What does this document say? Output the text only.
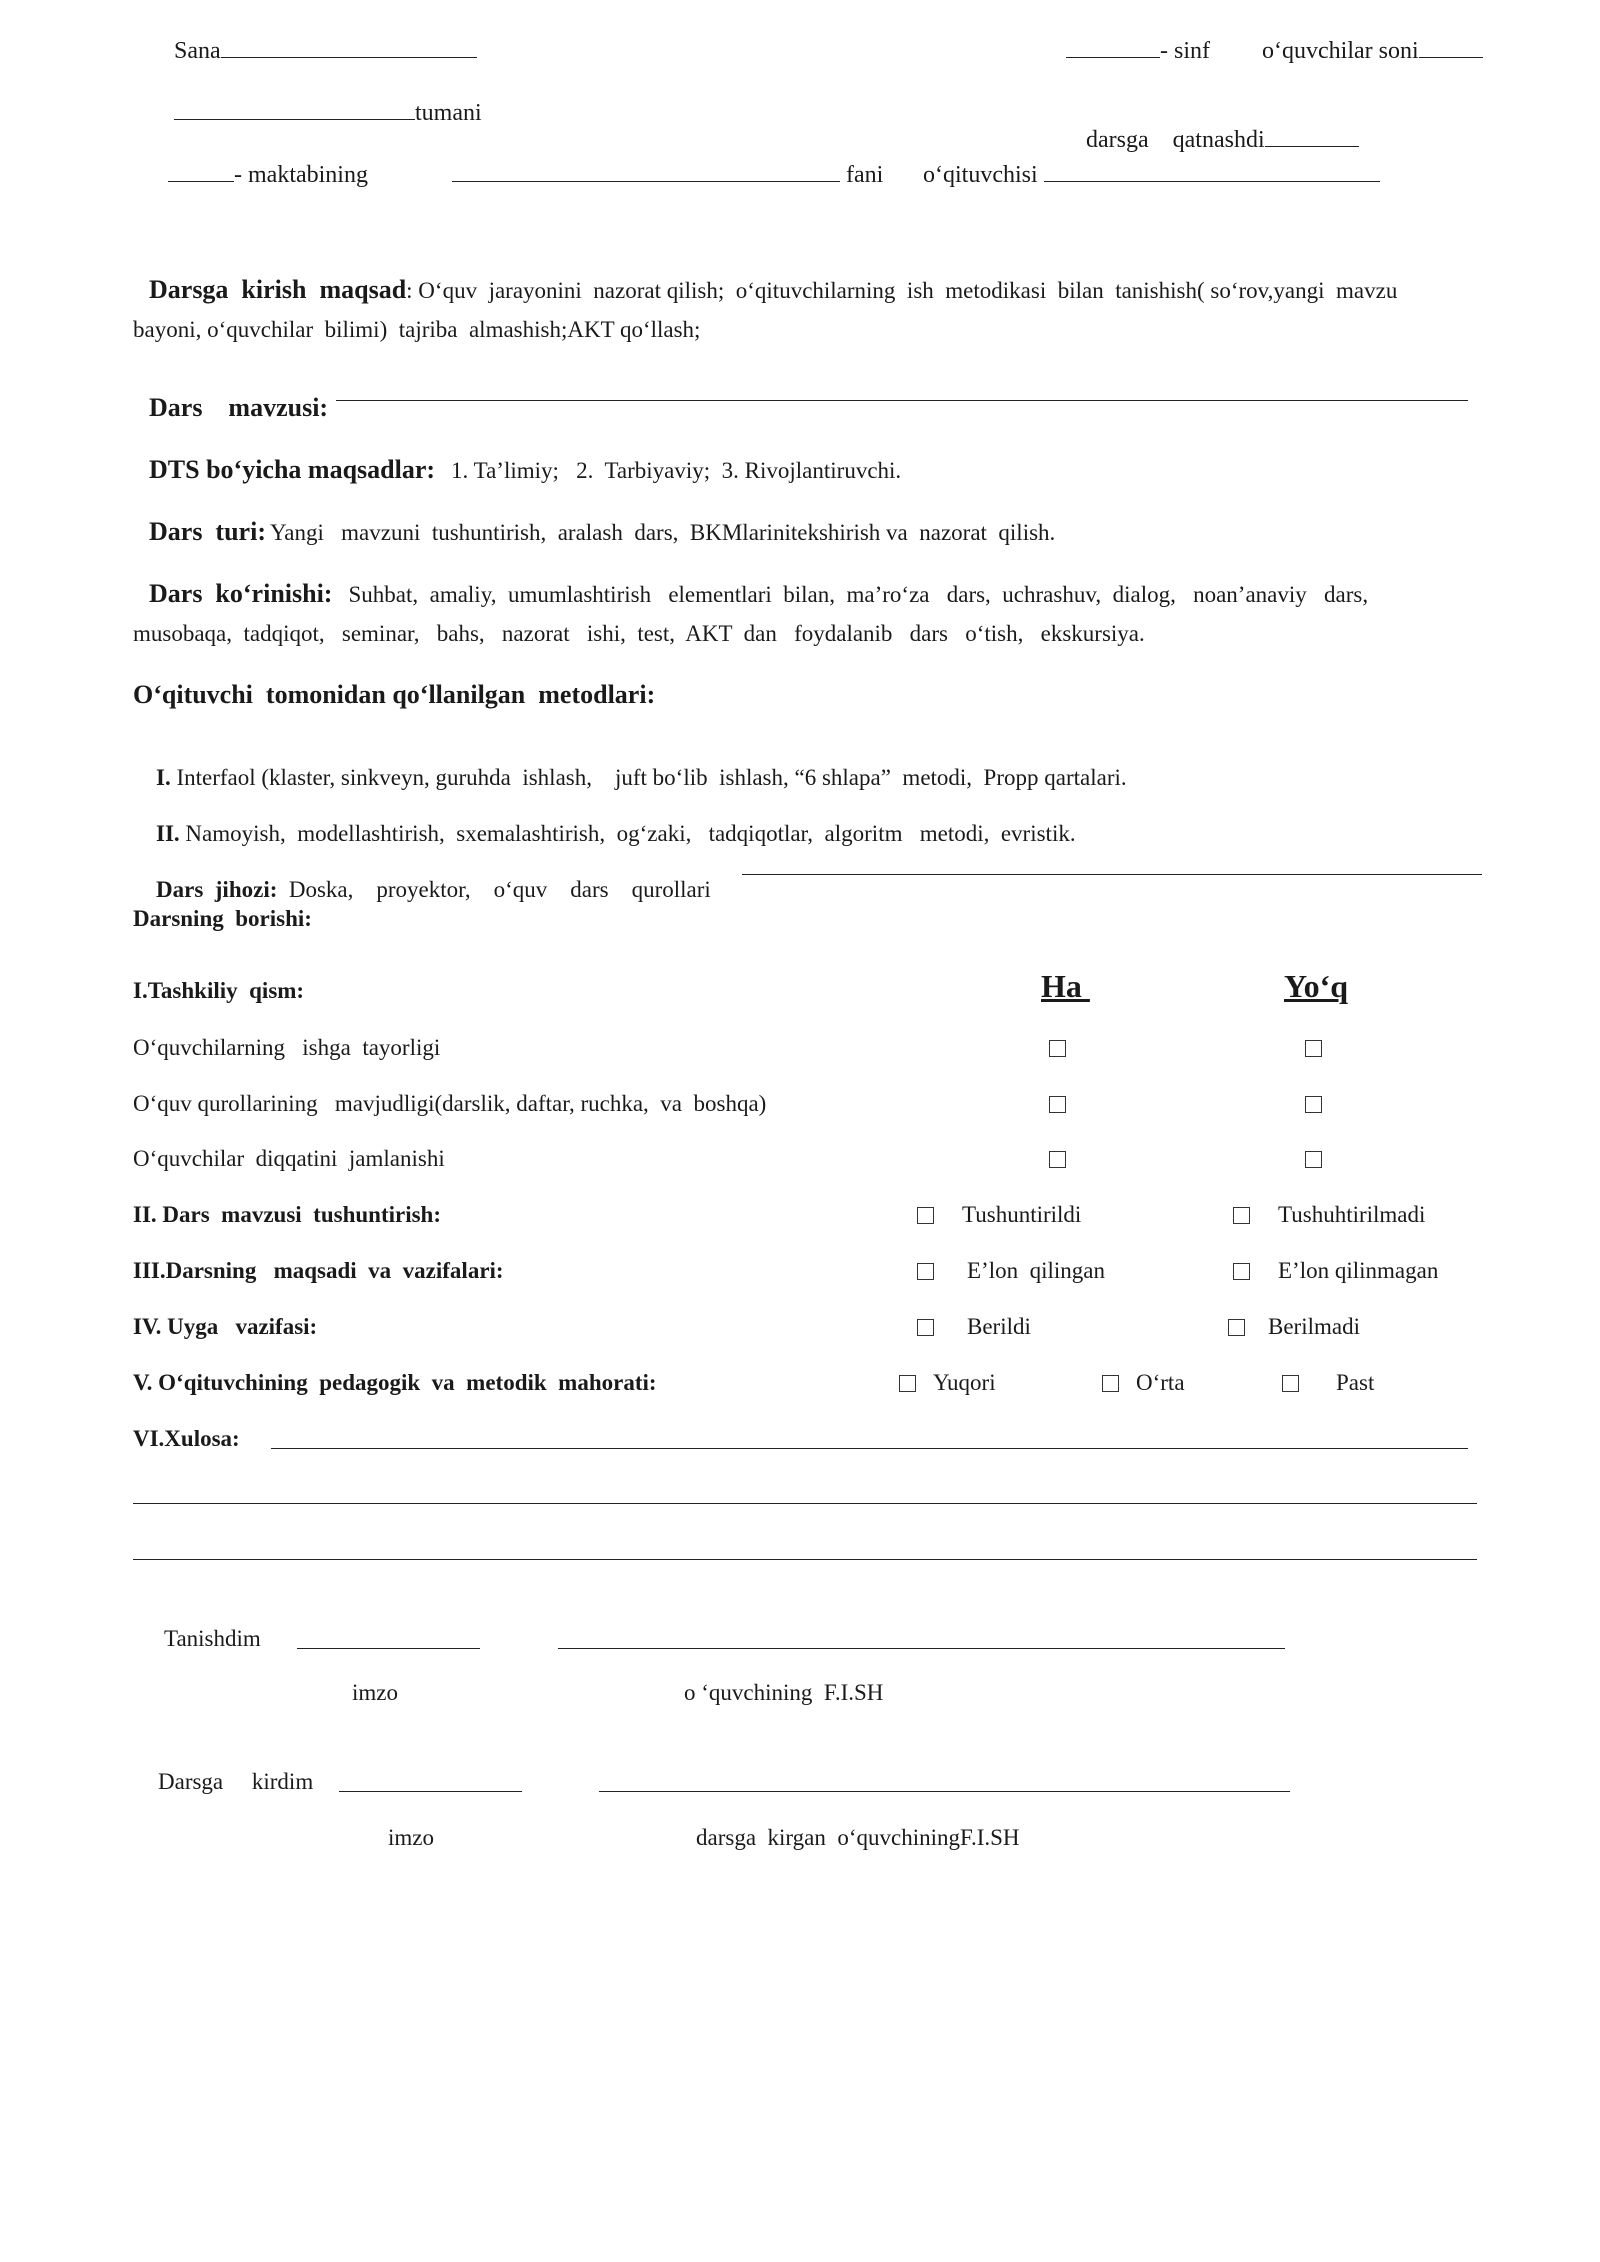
Sana	- sinf o‘quvchilar soni
tumani

darsga    qatnashdi

- maktabining	fani o‘qituvchisi

Darsga  kirish  maqsad: O‘quv  jarayonini  nazorat qilish;  o‘qituvchilarning  ish  metodikasi  bilan  tanishish( so‘rov,yangi  mavzu

bayoni, o‘quvchilar  bilimi)  tajriba  almashish;AKT qo‘llash;

Dars    mavzusi:

DTS bo‘yicha maqsadlar: 1. Ta’limiy;   2.  Tarbiyaviy;  3. Rivojlantiruvchi.

Dars  turi: Yangi   mavzuni  tushuntirish,  aralash  dars,  BKMlarinitekshirish va  nazorat  qilish.

Dars  ko‘rinishi: Suhbat,  amaliy,  umumlashtirish   elementlari  bilan,  ma’ro‘za   dars,  uchrashuv,  dialog,   noan’anaviy   dars,

musobaqa,  tadqiqot,   seminar,   bahs,   nazorat   ishi,  test,  AKT  dan   foydalanib   dars   o‘tish,   ekskursiya.
O‘qituvchi  tomonidan qo‘llanilgan  metodlari:

I. Interfaol (klaster, sinkveyn, guruhda  ishlash,    juft bo‘lib  ishlash, “6 shlapa”  metodi,  Propp qartalari.

II. Namoyish,  modellashtirish,  sxemalashtirish,  og‘zaki,   tadqiqotlar,  algoritm   metodi,  evristik.

Dars  jihozi: Doska,    proyektor,    o‘quv    dars    qurollari

Darsning  borishi:
I.Tashkiliy  qism:	Ha	Yo‘q
O‘quvchilarning   ishga  tayorligi
O‘quv qurollarining   mavjudligi(darslik, daftar, ruchka,  va  boshqa)
O‘quvchilar  diqqatini  jamlanishi
II. Dars  mavzusi  tushuntirish:	Tushuntirildi	Tushuhtirilmadi
III.Darsning   maqsadi  va  vazifalari:	E’lon  qilingan	E’lon qilinmagan
IV. Uyga   vazifasi:	Berildi	Berilmadi
V. O‘qituvchining  pedagogik  va  metodik  mahorati:	Yuqori	O‘rta	Past
VI.Xulosa:
Tanishdim
imzo	o ‘quvchining  F.I.SH
Darsga     kirdim
imzo	darsga  kirgan  o‘quvchiningF.I.SH
